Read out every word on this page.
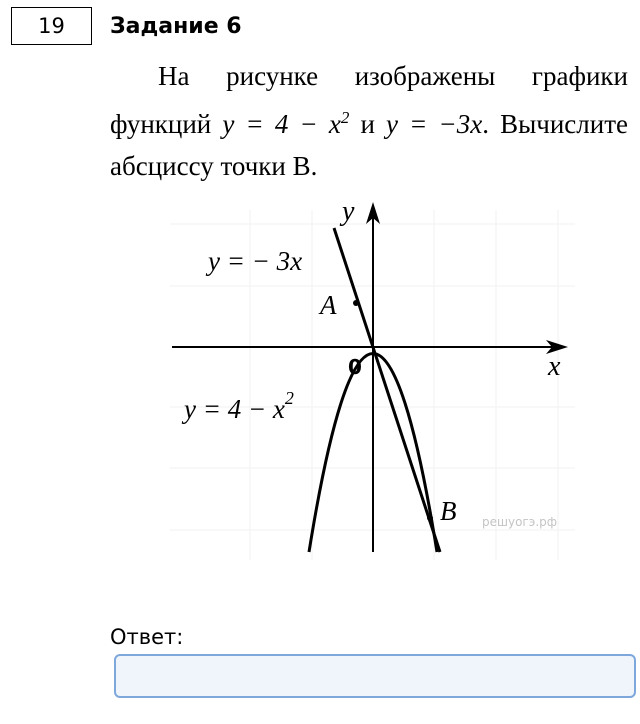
19	Задание 6
На рисунке изображены графики функций $y = 4 - x^2$ и y = −3x. Вычислите абсциссу точки B.
y
x
0
A
B
y = − 3x
$y = 4 - x^2$
решуогэ.рф
Ответ:
